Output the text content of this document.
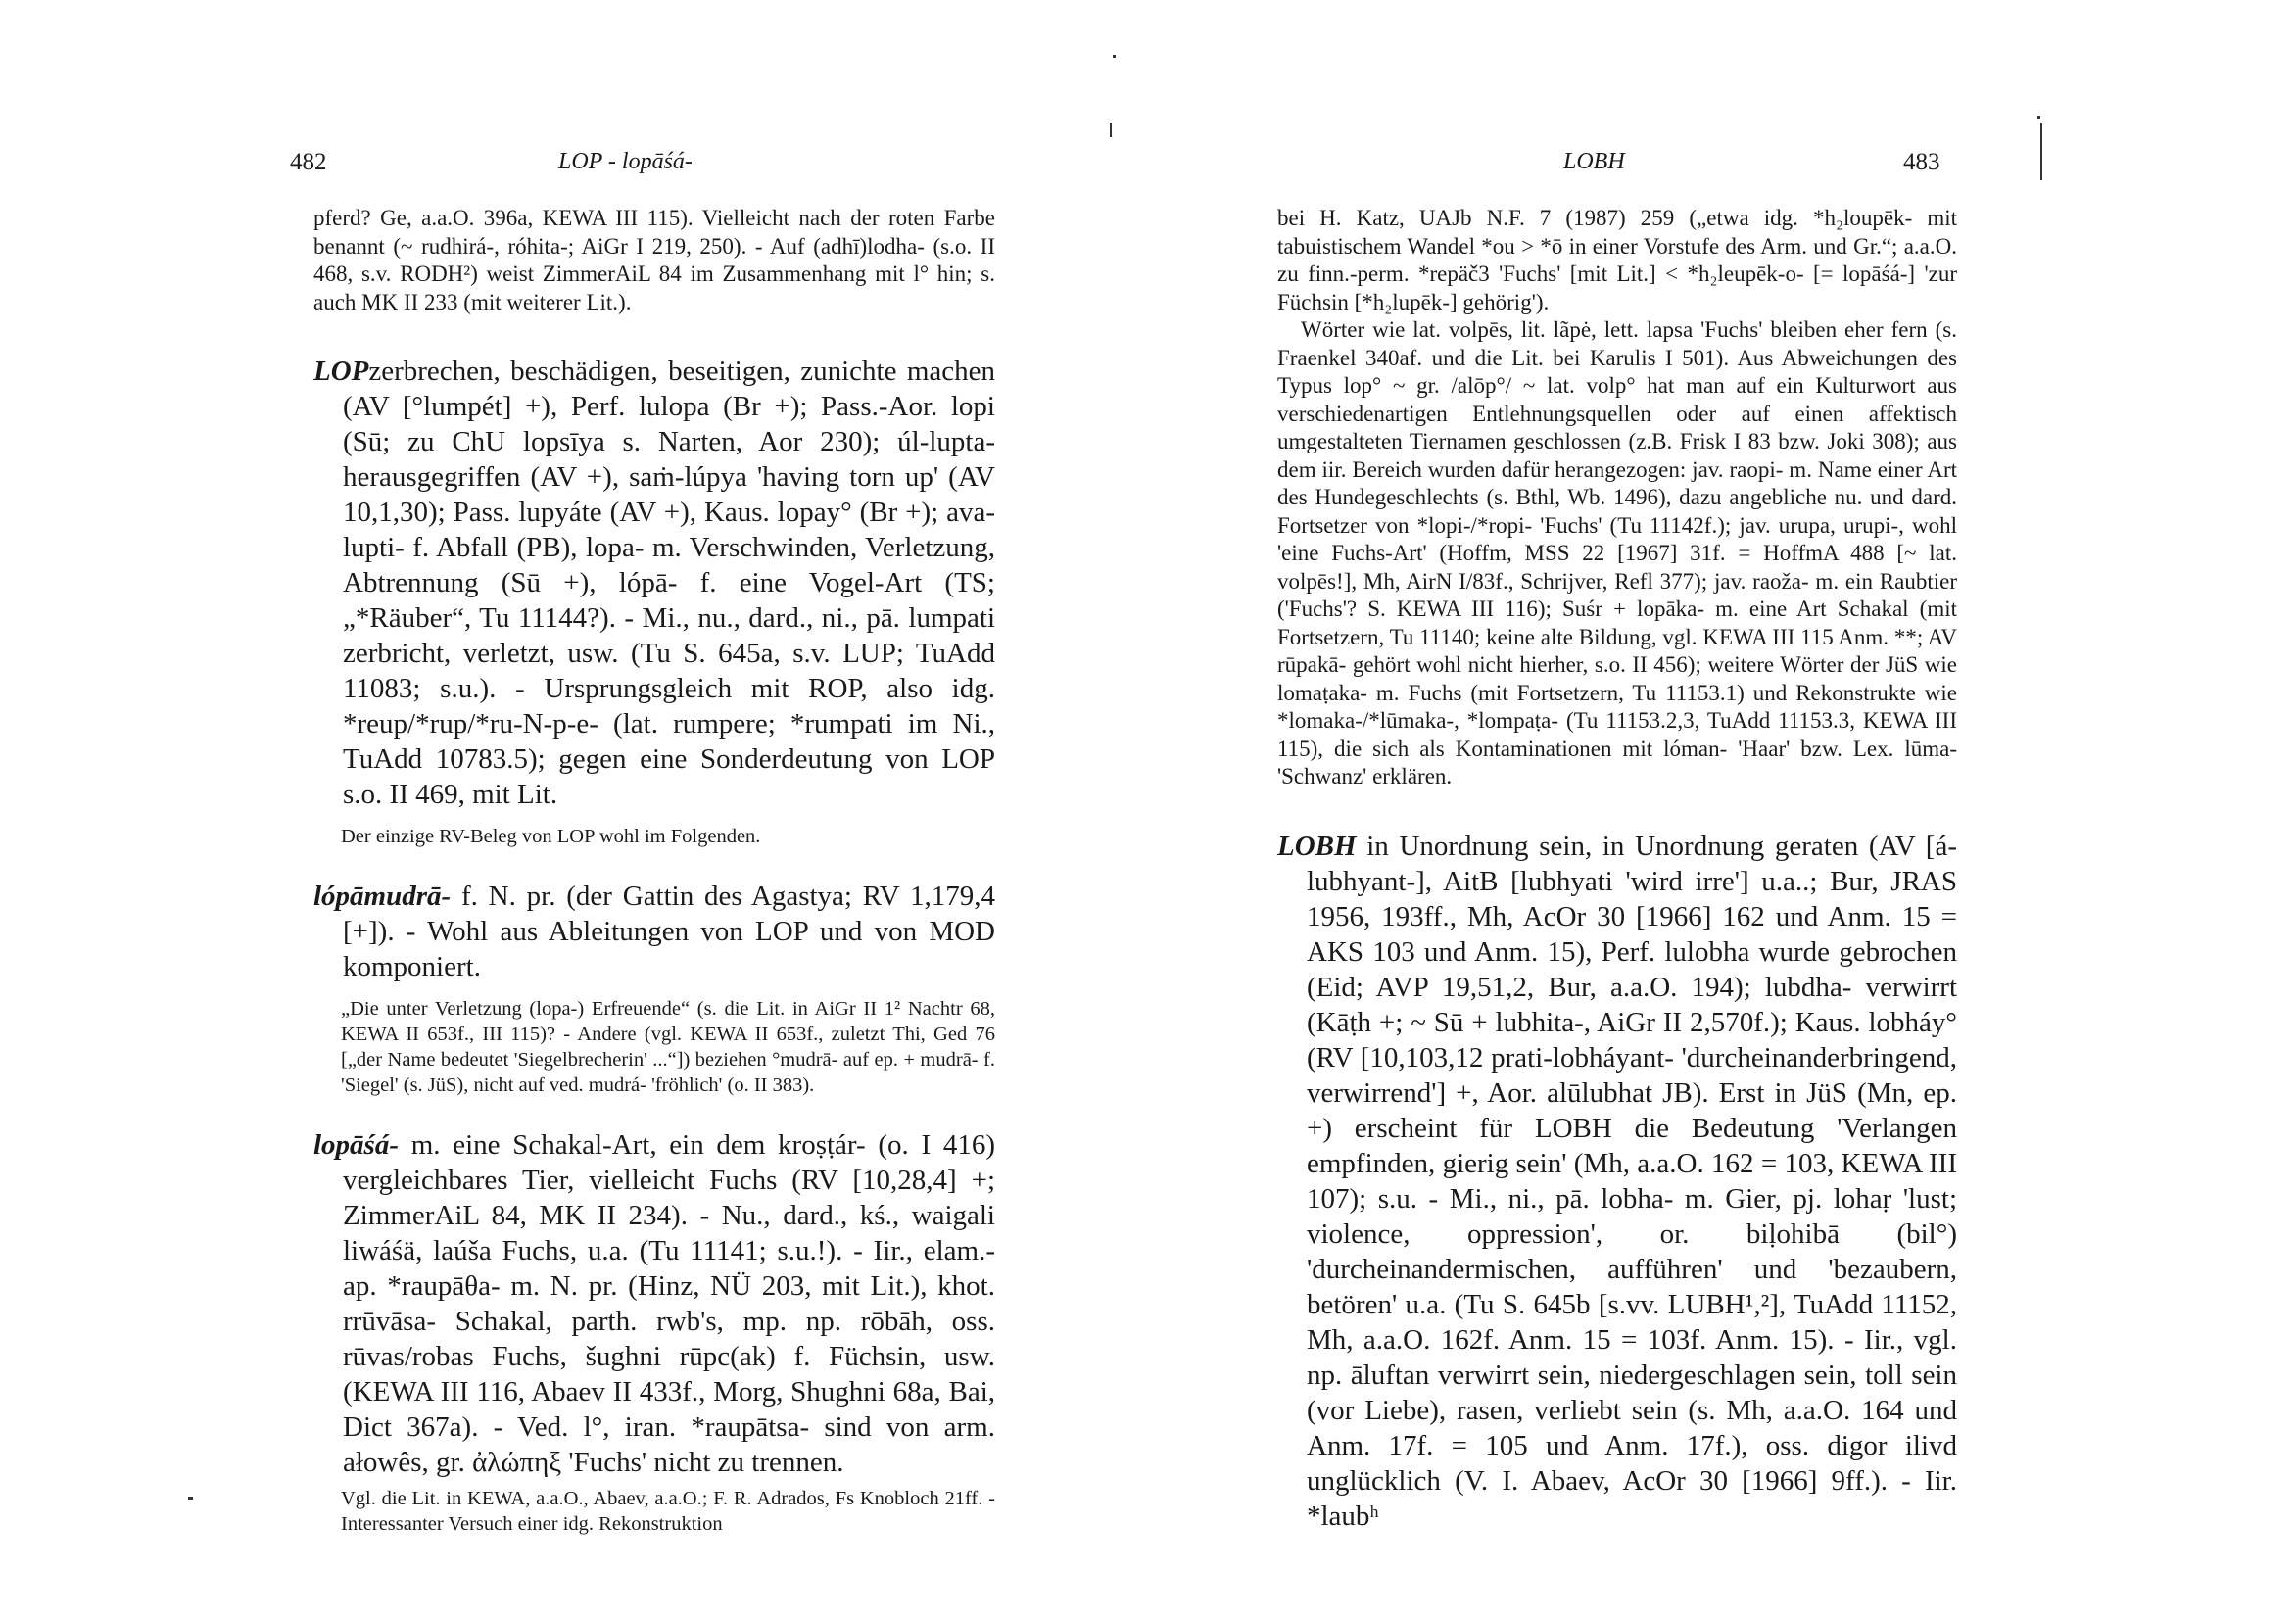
482	LOP - lopāśá-

pferd? Ge, a.a.O. 396a, KEWA III 115). Vielleicht nach der roten Farbe benannt (~ rudhirá-, róhita-; AiGr I 219, 250). - Auf (adhī)lodha- (s.o. II 468, s.v. RODH²) weist ZimmerAiL 84 im Zusammenhang mit l° hin; s. auch MK II 233 (mit weiterer Lit.).

LOPzerbrechen, beschädigen, beseitigen, zunichte machen (AV [°lumpét] +), Perf. lulopa (Br +); Pass.-Aor. lopi (Sū; zu ChU lopsīya s. Narten, Aor 230); úl-lupta- herausgegriffen (AV +), saṁ-lúpya 'having torn up' (AV 10,1,30); Pass. lupyáte (AV +), Kaus. lopay° (Br +); ava-lupti- f. Abfall (PB), lopa- m. Verschwinden, Verletzung, Abtrennung (Sū +), lópā- f. eine Vogel-Art (TS; „*Räuber“, Tu 11144?). - Mi., nu., dard., ni., pā. lumpati zerbricht, verletzt, usw. (Tu S. 645a, s.v. LUP; TuAdd 11083; s.u.). - Ursprungsgleich mit ROP, also idg. *reup/*rup/*ru-N-p-e- (lat. rumpere; *rumpati im Ni., TuAdd 10783.5); gegen eine Sonderdeutung von LOP s.o. II 469, mit Lit.

Der einzige RV-Beleg von LOP wohl im Folgenden.

lópāmudrā- f. N. pr. (der Gattin des Agastya; RV 1,179,4 [+]). - Wohl aus Ableitungen von LOP und von MOD komponiert.

„Die unter Verletzung (lopa-) Erfreuende“ (s. die Lit. in AiGr II 1² Nachtr 68, KEWA II 653f., III 115)? - Andere (vgl. KEWA II 653f., zuletzt Thi, Ged 76 [„der Name bedeutet 'Siegelbrecherin' ...“]) beziehen °mudrā- auf ep. + mudrā- f. 'Siegel' (s. JüS), nicht auf ved. mudrá- 'fröhlich' (o. II 383).

lopāśá- m. eine Schakal-Art, ein dem kroṣṭár- (o. I 416) vergleichbares Tier, vielleicht Fuchs (RV [10,28,4] +; ZimmerAiL 84, MK II 234). - Nu., dard., kś., waigali liwáśä, laúša Fuchs, u.a. (Tu 11141; s.u.!). - Iir., elam.-ap. *raupāθa- m. N. pr. (Hinz, NÜ 203, mit Lit.), khot. rrūvāsa- Schakal, parth. rwb's, mp. np. rōbāh, oss. rūvas/robas Fuchs, šughni rūpc(ak) f. Füchsin, usw. (KEWA III 116, Abaev II 433f., Morg, Shughni 68a, Bai, Dict 367a). - Ved. l°, iran. *raupātsa- sind von arm. ałowês, gr. ἀλώπηξ 'Fuchs' nicht zu trennen.

Vgl. die Lit. in KEWA, a.a.O., Abaev, a.a.O.; F. R. Adrados, Fs Knobloch 21ff. - Interessanter Versuch einer idg. Rekonstruktion

LOBH	483

bei H. Katz, UAJb N.F. 7 (1987) 259 („etwa idg. *h₂loupēk- mit tabuistischem Wandel *ou > *ō in einer Vorstufe des Arm. und Gr.“; a.a.O. zu finn.-perm. *repäč3 'Fuchs' [mit Lit.] < *h₂leupēk-o- [= lopāśá-] 'zur Füchsin [*h₂lupēk-] gehörig').

Wörter wie lat. volpēs, lit. lãpė, lett. lapsa 'Fuchs' bleiben eher fern (s. Fraenkel 340af. und die Lit. bei Karulis I 501). Aus Abweichungen des Typus lop° ~ gr. /alōp°/ ~ lat. volp° hat man auf ein Kulturwort aus verschiedenartigen Entlehnungsquellen oder auf einen affektisch umgestalteten Tiernamen geschlossen (z.B. Frisk I 83 bzw. Joki 308); aus dem iir. Bereich wurden dafür herangezogen: jav. raopi- m. Name einer Art des Hundegeschlechts (s. Bthl, Wb. 1496), dazu angebliche nu. und dard. Fortsetzer von *lopi-/*ropi- 'Fuchs' (Tu 11142f.); jav. urupa, urupi-, wohl 'eine Fuchs-Art' (Hoffm, MSS 22 [1967] 31f. = HoffmA 488 [~ lat. volpēs!], Mh, AirN I/83f., Schrijver, Refl 377); jav. raoža- m. ein Raubtier ('Fuchs'? S. KEWA III 116); Suśr + lopāka- m. eine Art Schakal (mit Fortsetzern, Tu 11140; keine alte Bildung, vgl. KEWA III 115 Anm. **; AV rūpakā- gehört wohl nicht hierher, s.o. II 456); weitere Wörter der JüS wie lomaṭaka- m. Fuchs (mit Fortsetzern, Tu 11153.1) und Rekonstrukte wie *lomaka-/*lūmaka-, *lompaṭa- (Tu 11153.2,3, TuAdd 11153.3, KEWA III 115), die sich als Kontaminationen mit lóman- 'Haar' bzw. Lex. lūma- 'Schwanz' erklären.

LOBH in Unordnung sein, in Unordnung geraten (AV [á-lubhyant-], AitB [lubhyati 'wird irre'] u.a..; Bur, JRAS 1956, 193ff., Mh, AcOr 30 [1966] 162 und Anm. 15 = AKS 103 und Anm. 15), Perf. lulobha wurde gebrochen (Eid; AVP 19,51,2, Bur, a.a.O. 194); lubdha- verwirrt (Kāṭh +; ~ Sū + lubhita-, AiGr II 2,570f.); Kaus. lobháy° (RV [10,103,12 prati-lobháyant- 'durcheinanderbringend, verwirrend'] +, Aor. alūlubhat JB). Erst in JüS (Mn, ep. +) erscheint für LOBH die Bedeutung 'Verlangen empfinden, gierig sein' (Mh, a.a.O. 162 = 103, KEWA III 107); s.u. - Mi., ni., pā. lobha- m. Gier, pj. lohaṛ 'lust; violence, oppression', or. biḷohibā (bil°) 'durcheinandermischen, aufführen' und 'bezaubern, betören' u.a. (Tu S. 645b [s.vv. LUBH¹,²], TuAdd 11152, Mh, a.a.O. 162f. Anm. 15 = 103f. Anm. 15). - Iir., vgl. np. āluftan verwirrt sein, niedergeschlagen sein, toll sein (vor Liebe), rasen, verliebt sein (s. Mh, a.a.O. 164 und Anm. 17f. = 105 und Anm. 17f.), oss. digor ilivd unglücklich (V. I. Abaev, AcOr 30 [1966] 9ff.). - Iir. *laubʰ
